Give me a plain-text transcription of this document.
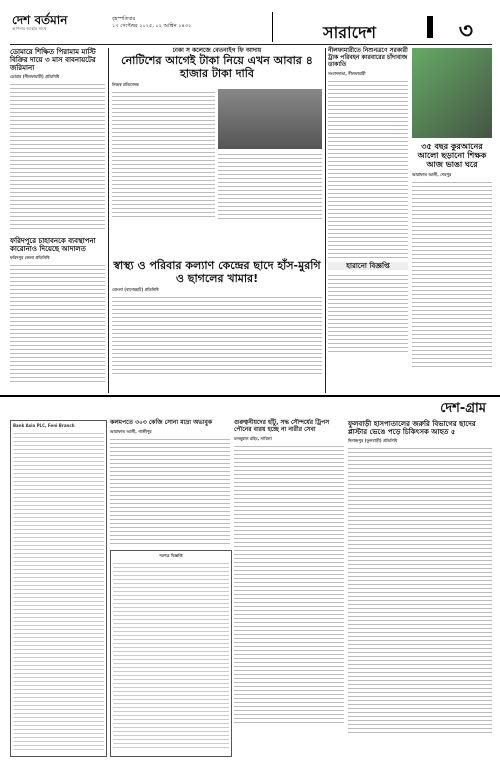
দেশ বর্তমান
আপনার আস্থার সাথে
বৃহস্পতিবার
১৭ সেপ্টেম্বর ২০২৫, ০২ আশ্বিন ১৪৩২	সারাদেশ	৩
ডোমারে শিক্ষিত পিরামাম মাস্টি বিক্রির দায়ে ৩ মাস বাবনায়টের জরিমানা
ডোমার (নীলফামারী) প্রতিনিধি
ফরিদপুরে চাহাবনকে ব্যবস্থাপনা কারোনাও দিয়েছে আদালত
ফরিদপুর জেলা প্রতিনিধি
ঢাকা স কলেজে বেতনাইগ ফি আদায়
নোটিশের আগেই টাকা নিয়ে এখন আবার ৪ হাজার টাকা দাবি
নিজস্ব প্রতিবেদক
স্বাস্থ্য ও পরিবার কল্যাণ কেন্দ্রের ছাদে হাঁস-মুরগি ও ছাগলের খামার!
মোংলা (বাগেরহাট) প্রতিনিধি
নীলফামারীতে নিশুনত্রণে সরকারী ট্রাক পরিবহন কারবারের চাঁদাবাজ ডাকাতি
সংবাদদাতা, নীলফামারী
হারানো বিজ্ঞপ্তি
৩৫ বছর কুরআনের আলো ছড়ানো শিক্ষক আজ ভাঙা ঘরে
আরাফাত আলী, শেরপুর
দেশ-গ্রাম
Bank Asia PLC, Feni Branch	কলমপতে ৩০৩ কেজি সোনা মাদ্রা অভাবুক
আরাফাত আলী, গাজীপুর
দরপত্র বিজ্ঞপ্তি
গুরুত্বনীয়দের হাঁটু, সদ্ধ সৌন্দর্যের ট্রিপস পৌনের বারয় হচ্ছে না নারীর সেবা
মনজুরাল রহিম, সারিলা
ফুলবাড়ী হাসপাতালের জরুরি বিভাগের ছাদের প্লাস্টার ভেঙে পড়ে চিকিৎসক আহত ৫
দিনাজপুর (ফুলবাড়ী) প্রতিনিধি
